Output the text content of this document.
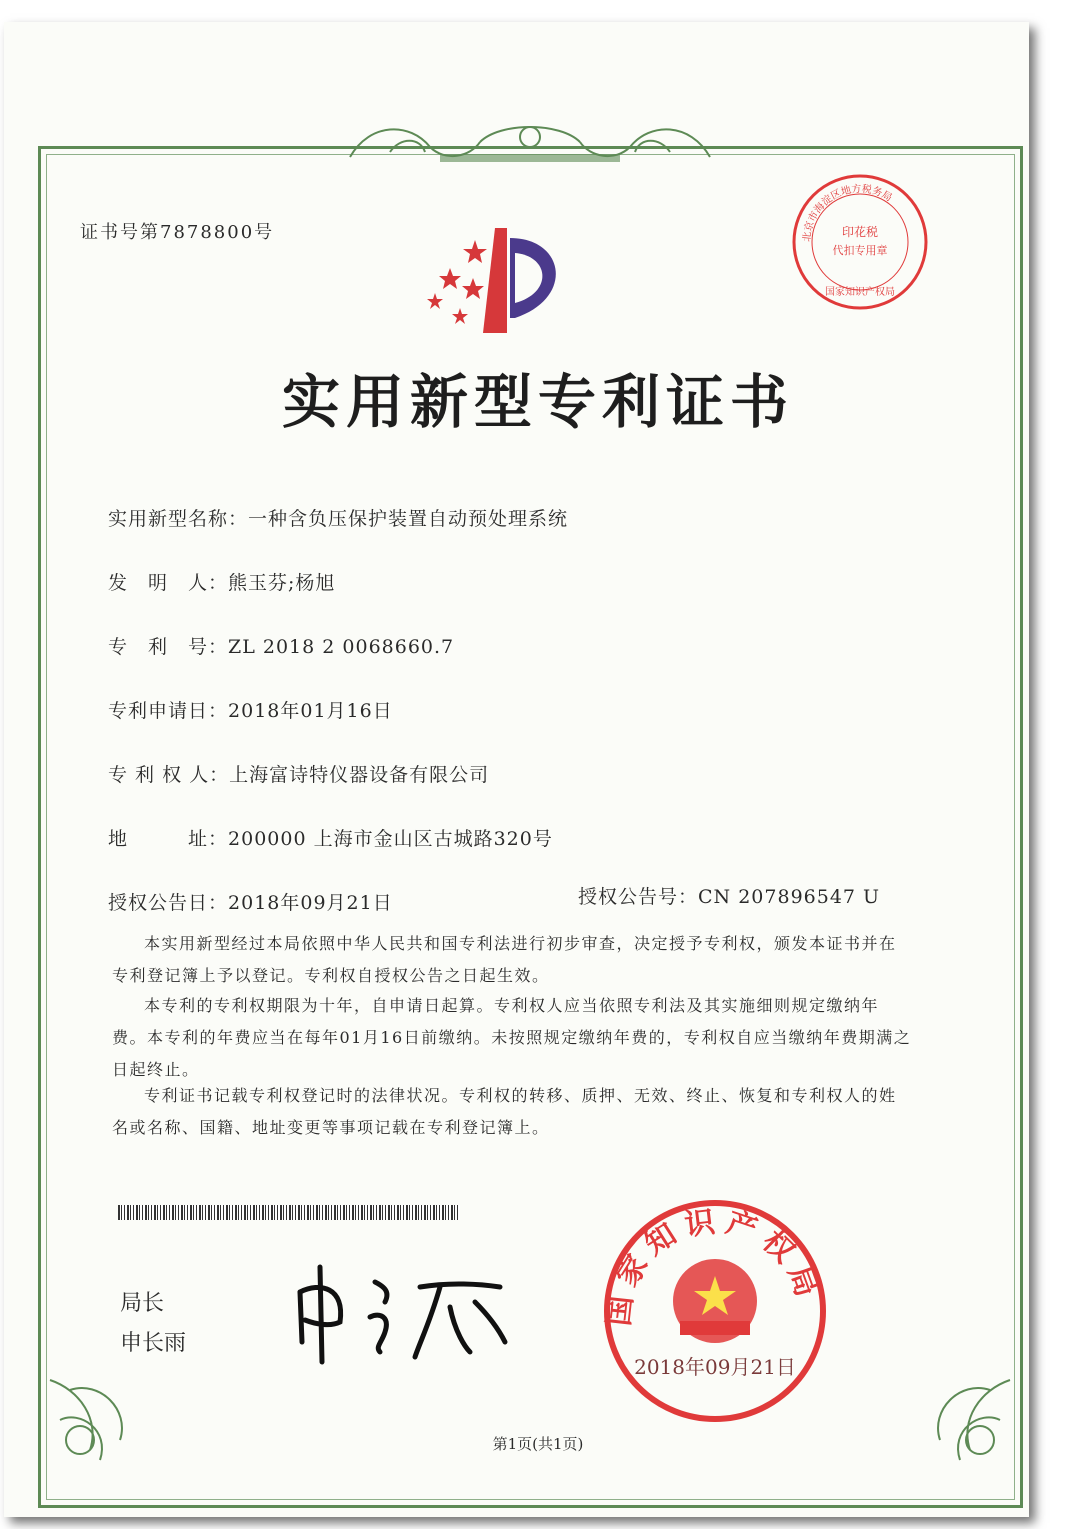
证书号第7878800号	北京市海淀区地方税务局
印花税
代扣专用章
国家知识产权局
实用新型专利证书
实用新型名称：一种含负压保护装置自动预处理系统
发　明　人：熊玉芬;杨旭
专　利　号：ZL 2018 2 0068660.7
专利申请日：2018年01月16日
专 利 权 人：上海富诗特仪器设备有限公司
地　　　址：200000 上海市金山区古城路320号
授权公告日：2018年09月21日	授权公告号：CN 207896547 U
本实用新型经过本局依照中华人民共和国专利法进行初步审查，决定授予专利权，颁发本证书并在专利登记簿上予以登记。专利权自授权公告之日起生效。
本专利的专利权期限为十年，自申请日起算。专利权人应当依照专利法及其实施细则规定缴纳年费。本专利的年费应当在每年01月16日前缴纳。未按照规定缴纳年费的，专利权自应当缴纳年费期满之日起终止。
专利证书记载专利权登记时的法律状况。专利权的转移、质押、无效、终止、恢复和专利权人的姓名或名称、国籍、地址变更等事项记载在专利登记簿上。
局长
申长雨
国家知识产权局
2018年09月21日
第1页(共1页)
